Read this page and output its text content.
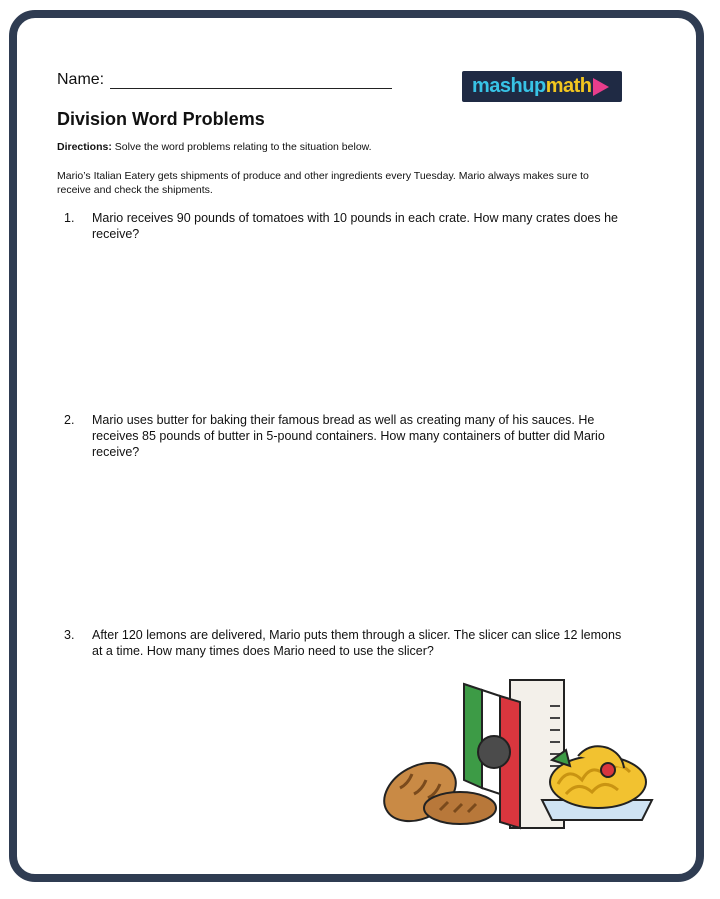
Name:	mashup math
Division Word Problems
Directions: Solve the word problems relating to the situation below.
Mario’s Italian Eatery gets shipments of produce and other ingredients every Tuesday. Mario always makes sure to receive and check the shipments.
1.	Mario receives 90 pounds of tomatoes with 10 pounds in each crate. How many crates does he receive?
2.	Mario uses butter for baking their famous bread as well as creating many of his sauces. He receives 85 pounds of butter in 5-pound containers. How many containers of butter did Mario receive?
3.	After 120 lemons are delivered, Mario puts them through a slicer. The slicer can slice 12 lemons at a time. How many times does Mario need to use the slicer?
